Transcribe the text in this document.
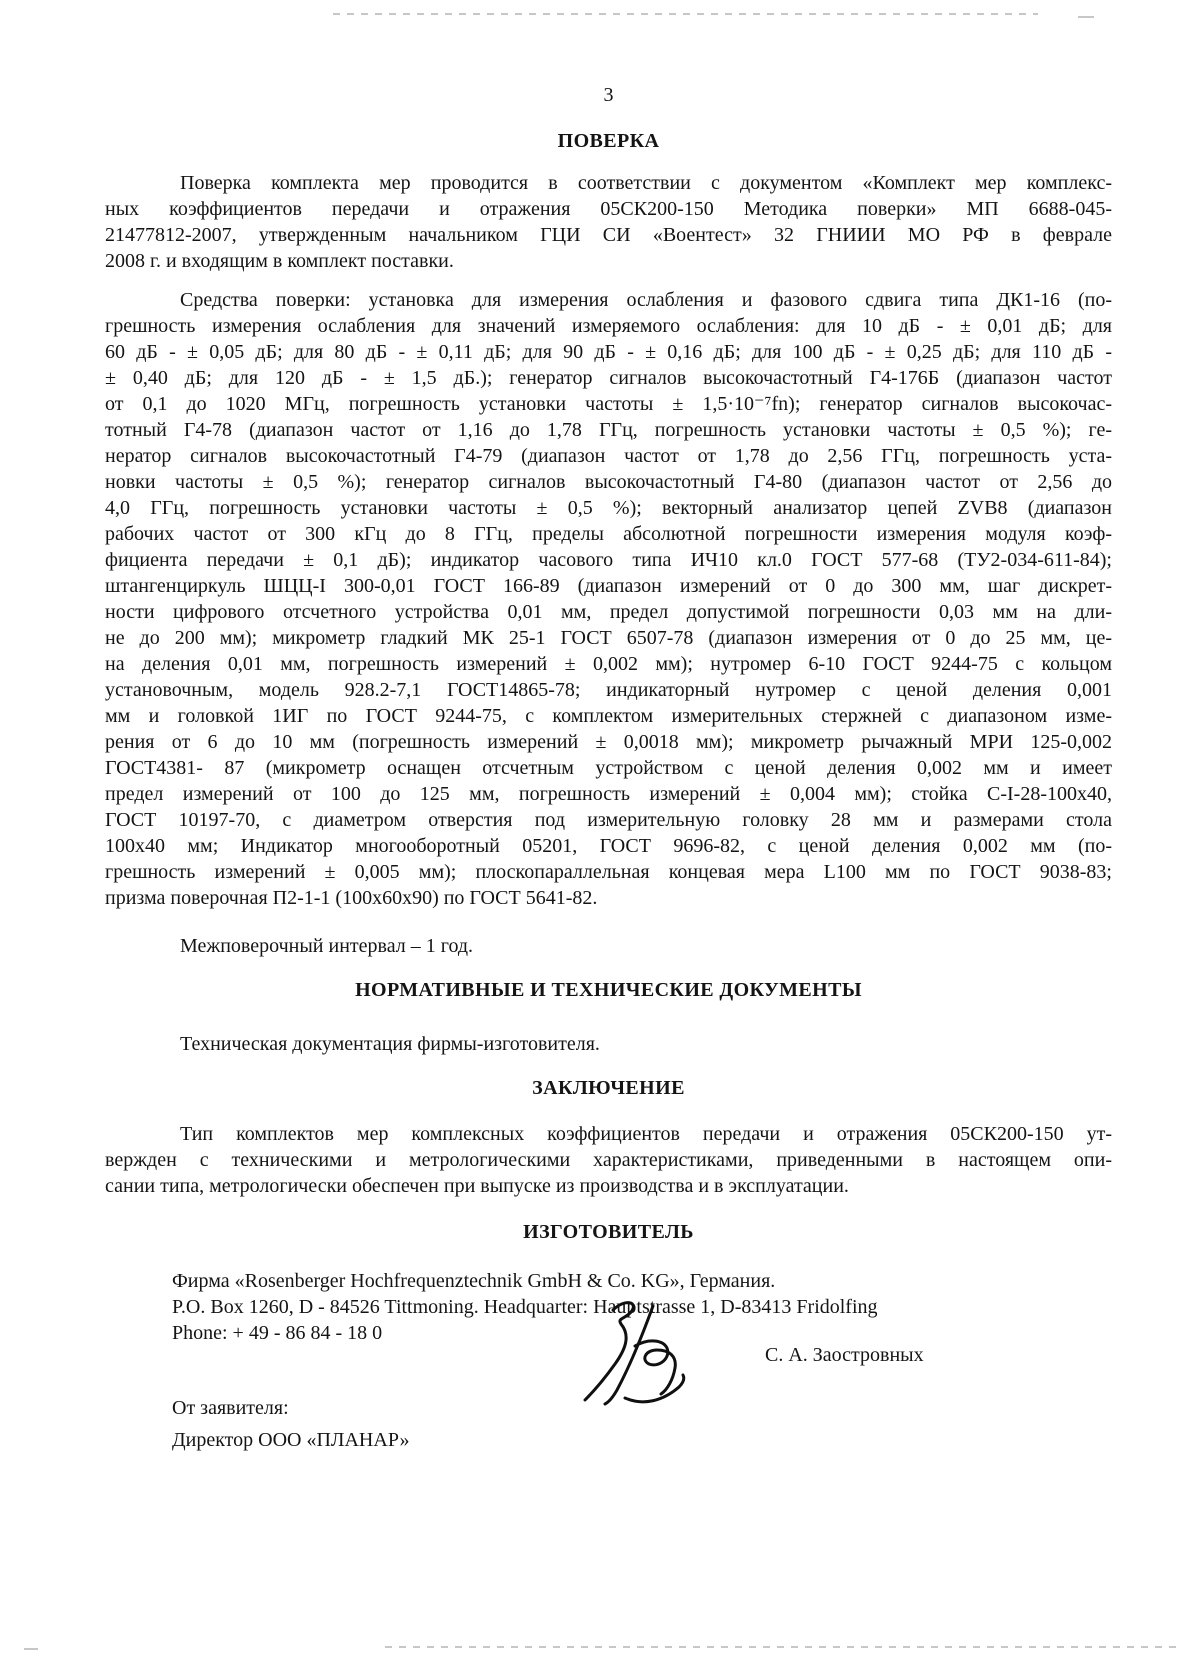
3
ПОВЕРКА
Поверка комплекта мер проводится в соответствии с документом «Комплект мер комплекс-
ных коэффициентов передачи и отражения 05СК200-150 Методика поверки» МП 6688-045-
21477812-2007, утвержденным начальником ГЦИ СИ «Воентест» 32 ГНИИИ МО РФ в феврале
2008 г. и входящим в комплект поставки.
Средства поверки: установка для измерения ослабления и фазового сдвига типа ДК1-16 (по-
грешность измерения ослабления для значений измеряемого ослабления: для 10 дБ - ± 0,01 дБ; для
60 дБ - ± 0,05 дБ; для 80 дБ - ± 0,11 дБ; для 90 дБ - ± 0,16 дБ; для 100 дБ - ± 0,25 дБ; для 110 дБ -
± 0,40 дБ; для 120 дБ - ± 1,5 дБ.); генератор сигналов высокочастотный Г4-176Б (диапазон частот
от 0,1 до 1020 МГц, погрешность установки частоты ± 1,5·10⁻⁷fn); генератор сигналов высокочас-
тотный Г4-78 (диапазон частот от 1,16 до 1,78 ГГц, погрешность установки частоты ± 0,5 %); ге-
нератор сигналов высокочастотный Г4-79 (диапазон частот от 1,78 до 2,56 ГГц, погрешность уста-
новки частоты ± 0,5 %); генератор сигналов высокочастотный Г4-80 (диапазон частот от 2,56 до
4,0 ГГц, погрешность установки частоты ± 0,5 %); векторный анализатор цепей ZVB8 (диапазон
рабочих частот от 300 кГц до 8 ГГц, пределы абсолютной погрешности измерения модуля коэф-
фициента передачи ± 0,1 дБ); индикатор часового типа ИЧ10 кл.0 ГОСТ 577-68 (ТУ2-034-611-84);
штангенциркуль ШЦЦ-I 300-0,01 ГОСТ 166-89 (диапазон измерений от 0 до 300 мм, шаг дискрет-
ности цифрового отсчетного устройства 0,01 мм, предел допустимой погрешности 0,03 мм на дли-
не до 200 мм); микрометр гладкий МК 25-1 ГОСТ 6507-78 (диапазон измерения от 0 до 25 мм, це-
на деления 0,01 мм, погрешность измерений ± 0,002 мм); нутромер 6-10 ГОСТ 9244-75 с кольцом
установочным, модель 928.2-7,1 ГОСТ14865-78; индикаторный нутромер с ценой деления 0,001
мм и головкой 1ИГ по ГОСТ 9244-75, с комплектом измерительных стержней с диапазоном изме-
рения от 6 до 10 мм (погрешность измерений ± 0,0018 мм); микрометр рычажный МРИ 125-0,002
ГОСТ4381- 87 (микрометр оснащен отсчетным устройством с ценой деления 0,002 мм и имеет
предел измерений от 100 до 125 мм, погрешность измерений ± 0,004 мм); стойка С-I-28-100х40,
ГОСТ 10197-70, с диаметром отверстия под измерительную головку 28 мм и размерами стола
100х40 мм; Индикатор многооборотный 05201, ГОСТ 9696-82, с ценой деления 0,002 мм (по-
грешность измерений ± 0,005 мм); плоскопараллельная концевая мера L100 мм по ГОСТ 9038-83;
призма поверочная П2-1-1 (100х60х90) по ГОСТ 5641-82.
Межповерочный интервал – 1 год.
НОРМАТИВНЫЕ И ТЕХНИЧЕСКИЕ ДОКУМЕНТЫ
Техническая документация фирмы-изготовителя.
ЗАКЛЮЧЕНИЕ
Тип комплектов мер комплексных коэффициентов передачи и отражения 05СК200-150 ут-
вержден с техническими и метрологическими характеристиками, приведенными в настоящем опи-
сании типа, метрологически обеспечен при выпуске из производства и в эксплуатации.
ИЗГОТОВИТЕЛЬ
Фирма «Rosenberger Hochfrequenztechnik GmbH & Co. KG», Германия.
P.O. Box 1260, D - 84526 Tittmoning. Headquarter: Hauptstrasse 1, D-83413 Fridolfing
Phone: + 49 - 86 84 - 18 0
От заявителя:
Директор ООО «ПЛАНАР»
С. А. Заостровных
